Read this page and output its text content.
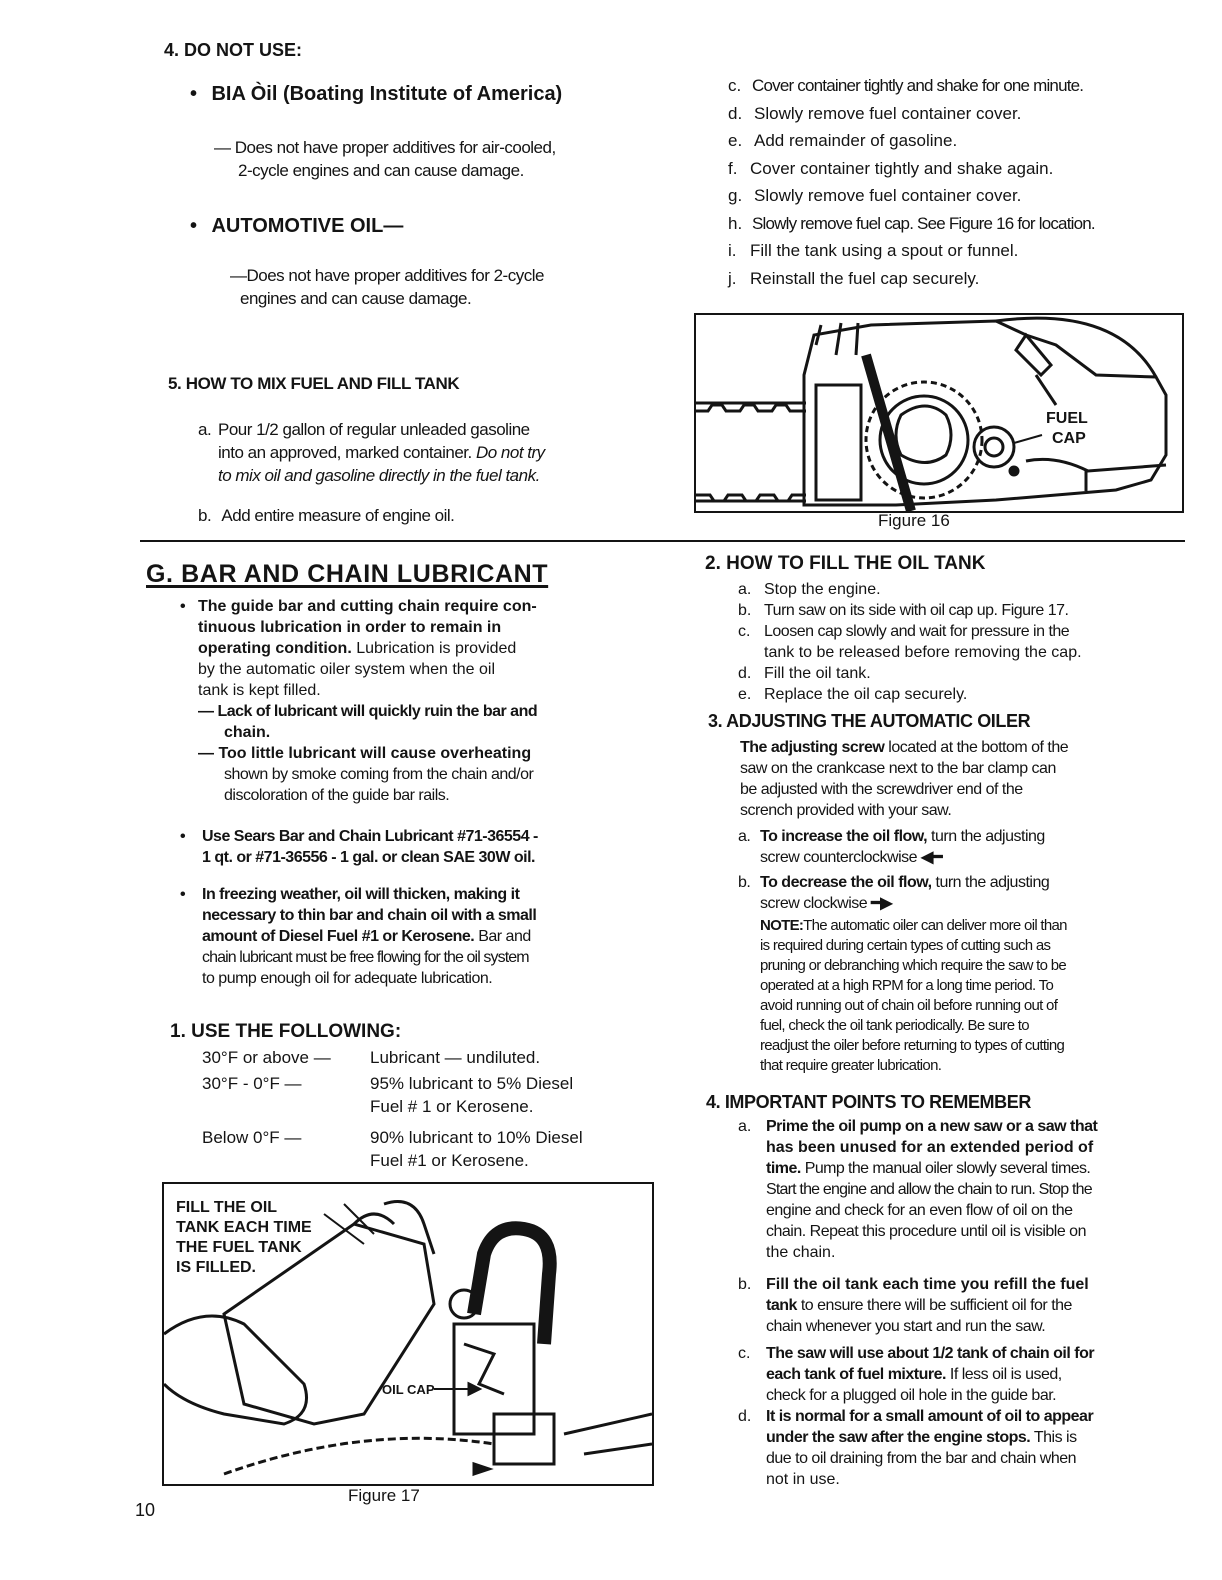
4. DO NOT USE:
• BIA Òil (Boating Institute of America)
— Does not have proper additives for air-cooled,
2-cycle engines and can cause damage.
• AUTOMOTIVE OIL—
—Does not have proper additives for 2-cycle
engines and can cause damage.
5. HOW TO MIX FUEL AND FILL TANK
a. Pour 1/2 gallon of regular unleaded gasoline
into an approved, marked container. Do not try
to mix oil and gasoline directly in the fuel tank.
b. Add entire measure of engine oil.
c. Cover container tightly and shake for one minute.
d. Slowly remove fuel container cover.
e. Add remainder of gasoline.
f. Cover container tightly and shake again.
g. Slowly remove fuel container cover.
h. Slowly remove fuel cap. See Figure 16 for location.
i. Fill the tank using a spout or funnel.
j. Reinstall the fuel cap securely.
FUEL
CAP
Figure 16
G. BAR AND CHAIN LUBRICANT
• The guide bar and cutting chain require con-
tinuous lubrication in order to remain in
operating condition. Lubrication is provided
by the automatic oiler system when the oil
tank is kept filled.
— Lack of lubricant will quickly ruin the bar and
chain.
— Too little lubricant will cause overheating
shown by smoke coming from the chain and/or
discoloration of the guide bar rails.
• Use Sears Bar and Chain Lubricant #71-36554 -
1 qt. or #71-36556 - 1 gal. or clean SAE 30W oil.
• In freezing weather, oil will thicken, making it
necessary to thin bar and chain oil with a small
amount of Diesel Fuel #1 or Kerosene. Bar and
chain lubricant must be free flowing for the oil system
to pump enough oil for adequate lubrication.
1. USE THE FOLLOWING:
30°F or above — Lubricant — undiluted.
30°F - 0°F —	95% lubricant to 5% Diesel
Fuel # 1 or Kerosene.
Below 0°F —	90% lubricant to 10% Diesel
Fuel #1 or Kerosene.
FILL THE OIL
TANK EACH TIME
THE FUEL TANK
IS FILLED.
OIL CAP
Figure 17
10
2. HOW TO FILL THE OIL TANK
a. Stop the engine.
b. Turn saw on its side with oil cap up. Figure 17.
c. Loosen cap slowly and wait for pressure in the
tank to be released before removing the cap.
d. Fill the oil tank.
e. Replace the oil cap securely.
3. ADJUSTING THE AUTOMATIC OILER
The adjusting screw located at the bottom of the
saw on the crankcase next to the bar clamp can
be adjusted with the screwdriver end of the
scrench provided with your saw.
a. To increase the oil flow, turn the adjusting
screw counterclockwise ◀━
b. To decrease the oil flow, turn the adjusting
screw clockwise ━▶
NOTE:The automatic oiler can deliver more oil than
is required during certain types of cutting such as
pruning or debranching which require the saw to be
operated at a high RPM for a long time period. To
avoid running out of chain oil before running out of
fuel, check the oil tank periodically. Be sure to
readjust the oiler before returning to types of cutting
that require greater lubrication.
4. IMPORTANT POINTS TO REMEMBER
a. Prime the oil pump on a new saw or a saw that
has been unused for an extended period of
time. Pump the manual oiler slowly several times.
Start the engine and allow the chain to run. Stop the
engine and check for an even flow of oil on the
chain. Repeat this procedure until oil is visible on
the chain.
b. Fill the oil tank each time you refill the fuel
tank to ensure there will be sufficient oil for the
chain whenever you start and run the saw.
c. The saw will use about 1/2 tank of chain oil for
each tank of fuel mixture. If less oil is used,
check for a plugged oil hole in the guide bar.
d. It is normal for a small amount of oil to appear
under the saw after the engine stops. This is
due to oil draining from the bar and chain when
not in use.
